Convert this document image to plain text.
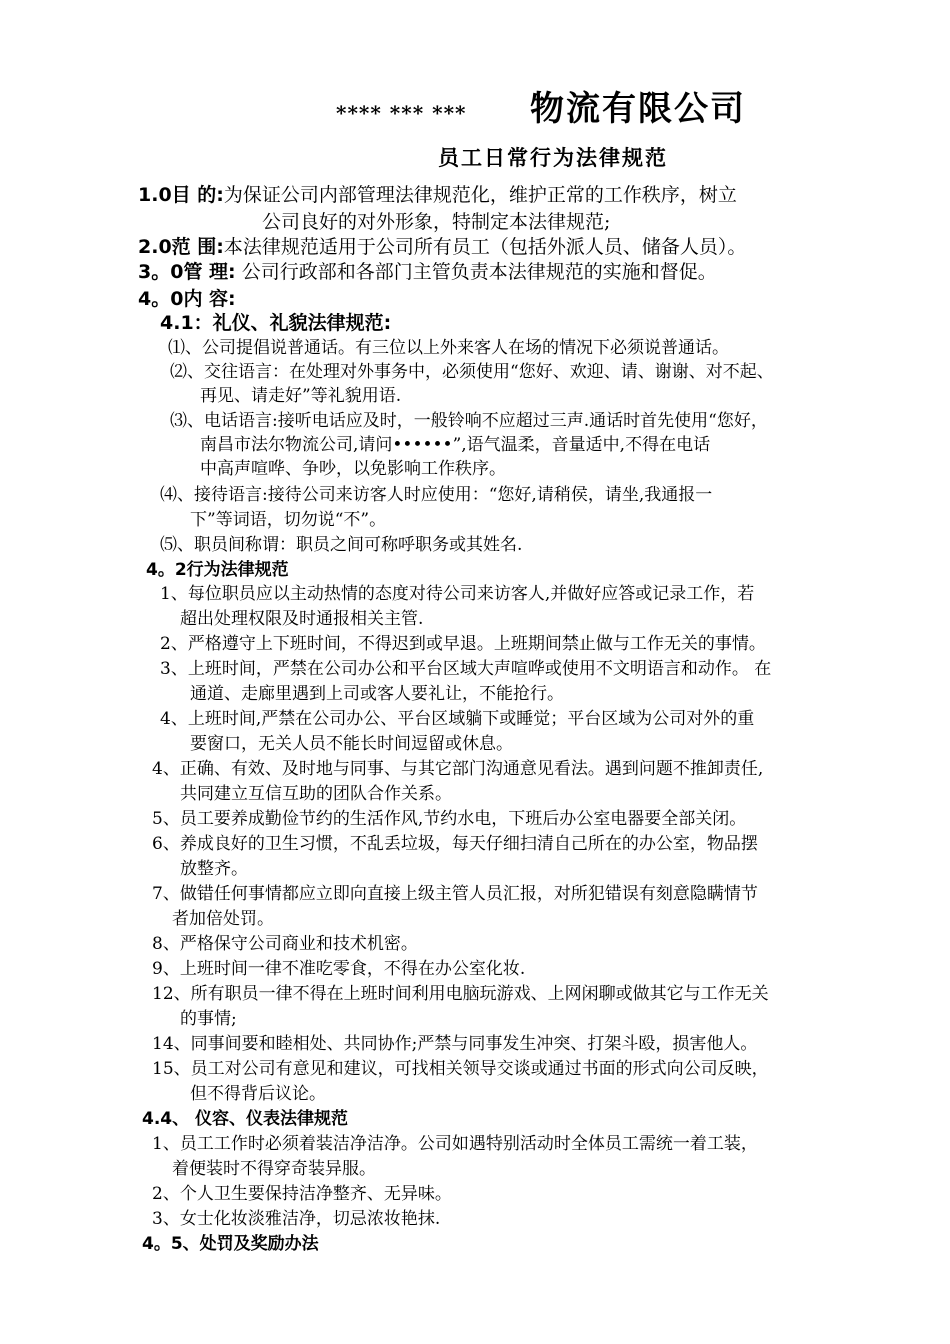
**** *** *** 物流有限公司
员工日常行为法律规范
1.0目 的:为保证公司内部管理法律规范化，维护正常的工作秩序，树立
公司良好的对外形象，特制定本法律规范;
2.0范 围:本法律规范适用于公司所有员工（包括外派人员、储备人员）。
3。0管 理: 公司行政部和各部门主管负责本法律规范的实施和督促。
4。0内 容:
4.1：礼仪、礼貌法律规范:
⑴、公司提倡说普通话。有三位以上外来客人在场的情况下必须说普通话。
⑵、交往语言：在处理对外事务中，必须使用“您好、欢迎、请、谢谢、对不起、
再见、请走好”等礼貌用语.
⑶、电话语言:接听电话应及时，一般铃响不应超过三声.通话时首先使用“您好，
南昌市法尔物流公司,请问••••••”,语气温柔，音量适中,不得在电话
中高声喧哗、争吵，以免影响工作秩序。
⑷、接待语言:接待公司来访客人时应使用：“您好,请稍侯，请坐,我通报一
下”等词语，切勿说“不”。
⑸、职员间称谓：职员之间可称呼职务或其姓名.
4。2行为法律规范
1、每位职员应以主动热情的态度对待公司来访客人,并做好应答或记录工作，若
超出处理权限及时通报相关主管.
2、严格遵守上下班时间，不得迟到或早退。上班期间禁止做与工作无关的事情。
3、上班时间，严禁在公司办公和平台区域大声喧哗或使用不文明语言和动作。 在
通道、走廊里遇到上司或客人要礼让，不能抢行。
4、上班时间,严禁在公司办公、平台区域躺下或睡觉；平台区域为公司对外的重
要窗口，无关人员不能长时间逗留或休息。
4、正确、有效、及时地与同事、与其它部门沟通意见看法。遇到问题不推卸责任,
共同建立互信互助的团队合作关系。
5、员工要养成勤俭节约的生活作风,节约水电，下班后办公室电器要全部关闭。
6、养成良好的卫生习惯，不乱丢垃圾，每天仔细扫清自己所在的办公室，物品摆
放整齐。
7、做错任何事情都应立即向直接上级主管人员汇报，对所犯错误有刻意隐瞒情节
者加倍处罚。
8、严格保守公司商业和技术机密。
9、上班时间一律不准吃零食，不得在办公室化妆.
12、所有职员一律不得在上班时间利用电脑玩游戏、上网闲聊或做其它与工作无关
的事情;
14、同事间要和睦相处、共同协作;严禁与同事发生冲突、打架斗殴，损害他人。
15、员工对公司有意见和建议，可找相关领导交谈或通过书面的形式向公司反映，
但不得背后议论。
4.4、 仪容、仪表法律规范
1、员工工作时必须着装洁净洁净。公司如遇特别活动时全体员工需统一着工装，
着便装时不得穿奇装异服。
2、个人卫生要保持洁净整齐、无异味。
3、女士化妆淡雅洁净，切忌浓妆艳抹.
4。5、处罚及奖励办法
